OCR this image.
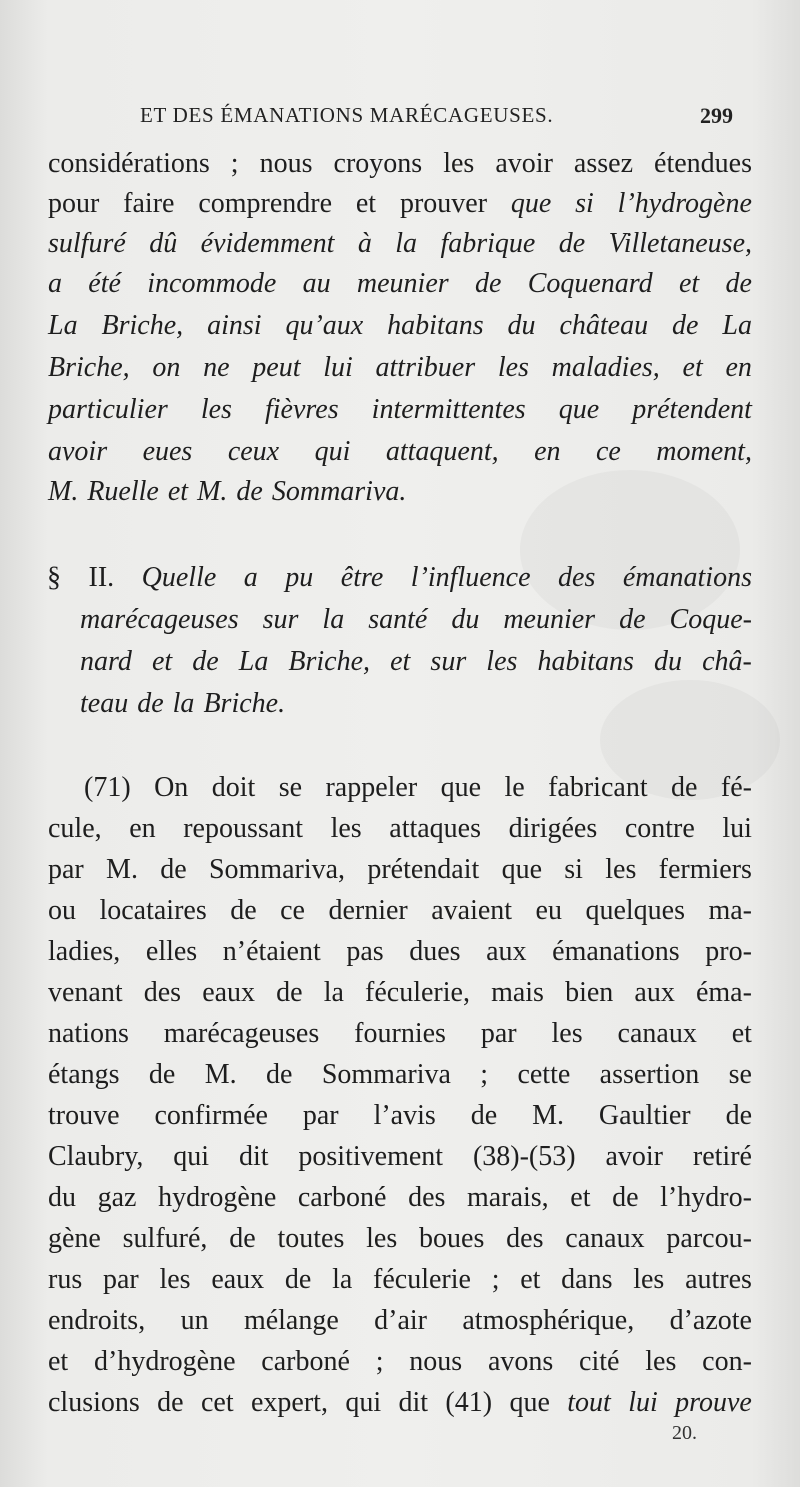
ET DES ÉMANATIONS MARÉCAGEUSES.	299
considérations ; nous croyons les avoir assez étendues
pour faire comprendre et prouver que si l’hydrogène
sulfuré dû évidemment à la fabrique de Villetaneuse,
a été incommode au meunier de Coquenard et de
La Briche, ainsi qu’aux habitans du château de La
Briche, on ne peut lui attribuer les maladies, et en
particulier les fièvres intermittentes que prétendent
avoir eues ceux qui attaquent, en ce moment,
M. Ruelle et M. de Sommariva.
§ II. Quelle a pu être l’influence des émanations
marécageuses sur la santé du meunier de Coque-
nard et de La Briche, et sur les habitans du châ-
teau de la Briche.
(71) On doit se rappeler que le fabricant de fé-
cule, en repoussant les attaques dirigées contre lui
par M. de Sommariva, prétendait que si les fermiers
ou locataires de ce dernier avaient eu quelques ma-
ladies, elles n’étaient pas dues aux émanations pro-
venant des eaux de la féculerie, mais bien aux éma-
nations marécageuses fournies par les canaux et
étangs de M. de Sommariva ; cette assertion se
trouve confirmée par l’avis de M. Gaultier de
Claubry, qui dit positivement (38)-(53) avoir retiré
du gaz hydrogène carboné des marais, et de l’hydro-
gène sulfuré, de toutes les boues des canaux parcou-
rus par les eaux de la féculerie ; et dans les autres
endroits, un mélange d’air atmosphérique, d’azote
et d’hydrogène carboné ; nous avons cité les con-
clusions de cet expert, qui dit (41) que tout lui prouve
20.
